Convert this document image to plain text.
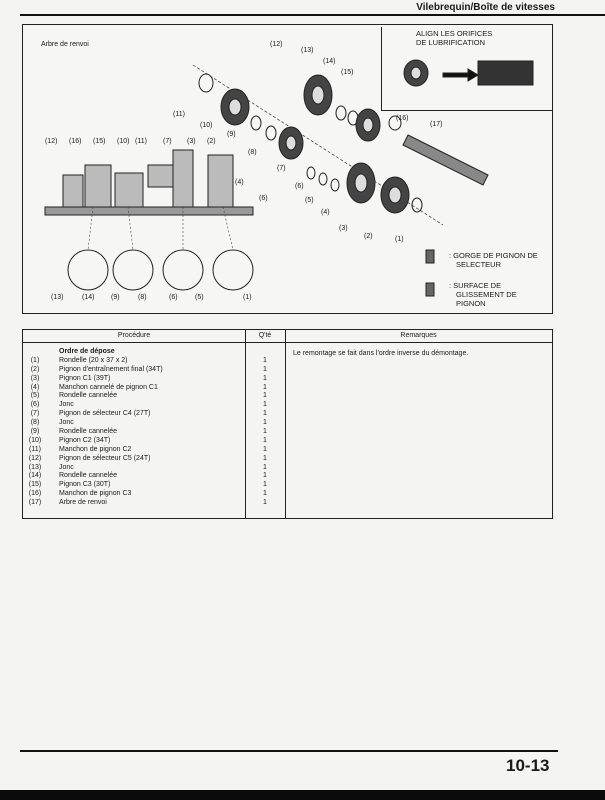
Vilebrequin/Boîte de vitesses
Arbre de renvoi
ALIGN LES ORIFICES
DE LUBRIFICATION
(12)
(13)
(14)
(15)
(11)
(10)
(9)
(8)
(16)
(17)
(7)
(6)
(5)
(4)
(3)
(2)	(1)
(12) (16) (15) (10) (11) (7) (3) (2)
(4)
(6)
(13)	(14) (9)	(8)	(6) (5)	(1)
: GORGE DE PIGNON DE
SELECTEUR
: SURFACE DE
GLISSEMENT DE
PIGNON
Procédure	Q'té	Remarques
Ordre de dépose
(1)	Rondelle (20 x 37 x 2)	1
(2)	Pignon d'entraînement final (34T)	1
(3)	Pignon C1 (39T)	1
(4)	Manchon cannelé de pignon C1	1
(5)	Rondelle cannelée	1
(6)	Jonc	1
(7)	Pignon de sélecteur C4 (27T)	1
(8)	Jonc	1
(9)	Rondelle cannelée	1
(10)	Pignon C2 (34T)	1
(11)	Manchon de pignon C2	1
(12)	Pignon de sélecteur C5 (24T)	1
(13)	Jonc	1
(14)	Rondelle cannelée	1
(15)	Pignon C3 (30T)	1
(16)	Manchon de pignon C3	1
(17)	Arbre de renvoi	1
Le remontage se fait dans l'ordre inverse du démontage.
10-13
